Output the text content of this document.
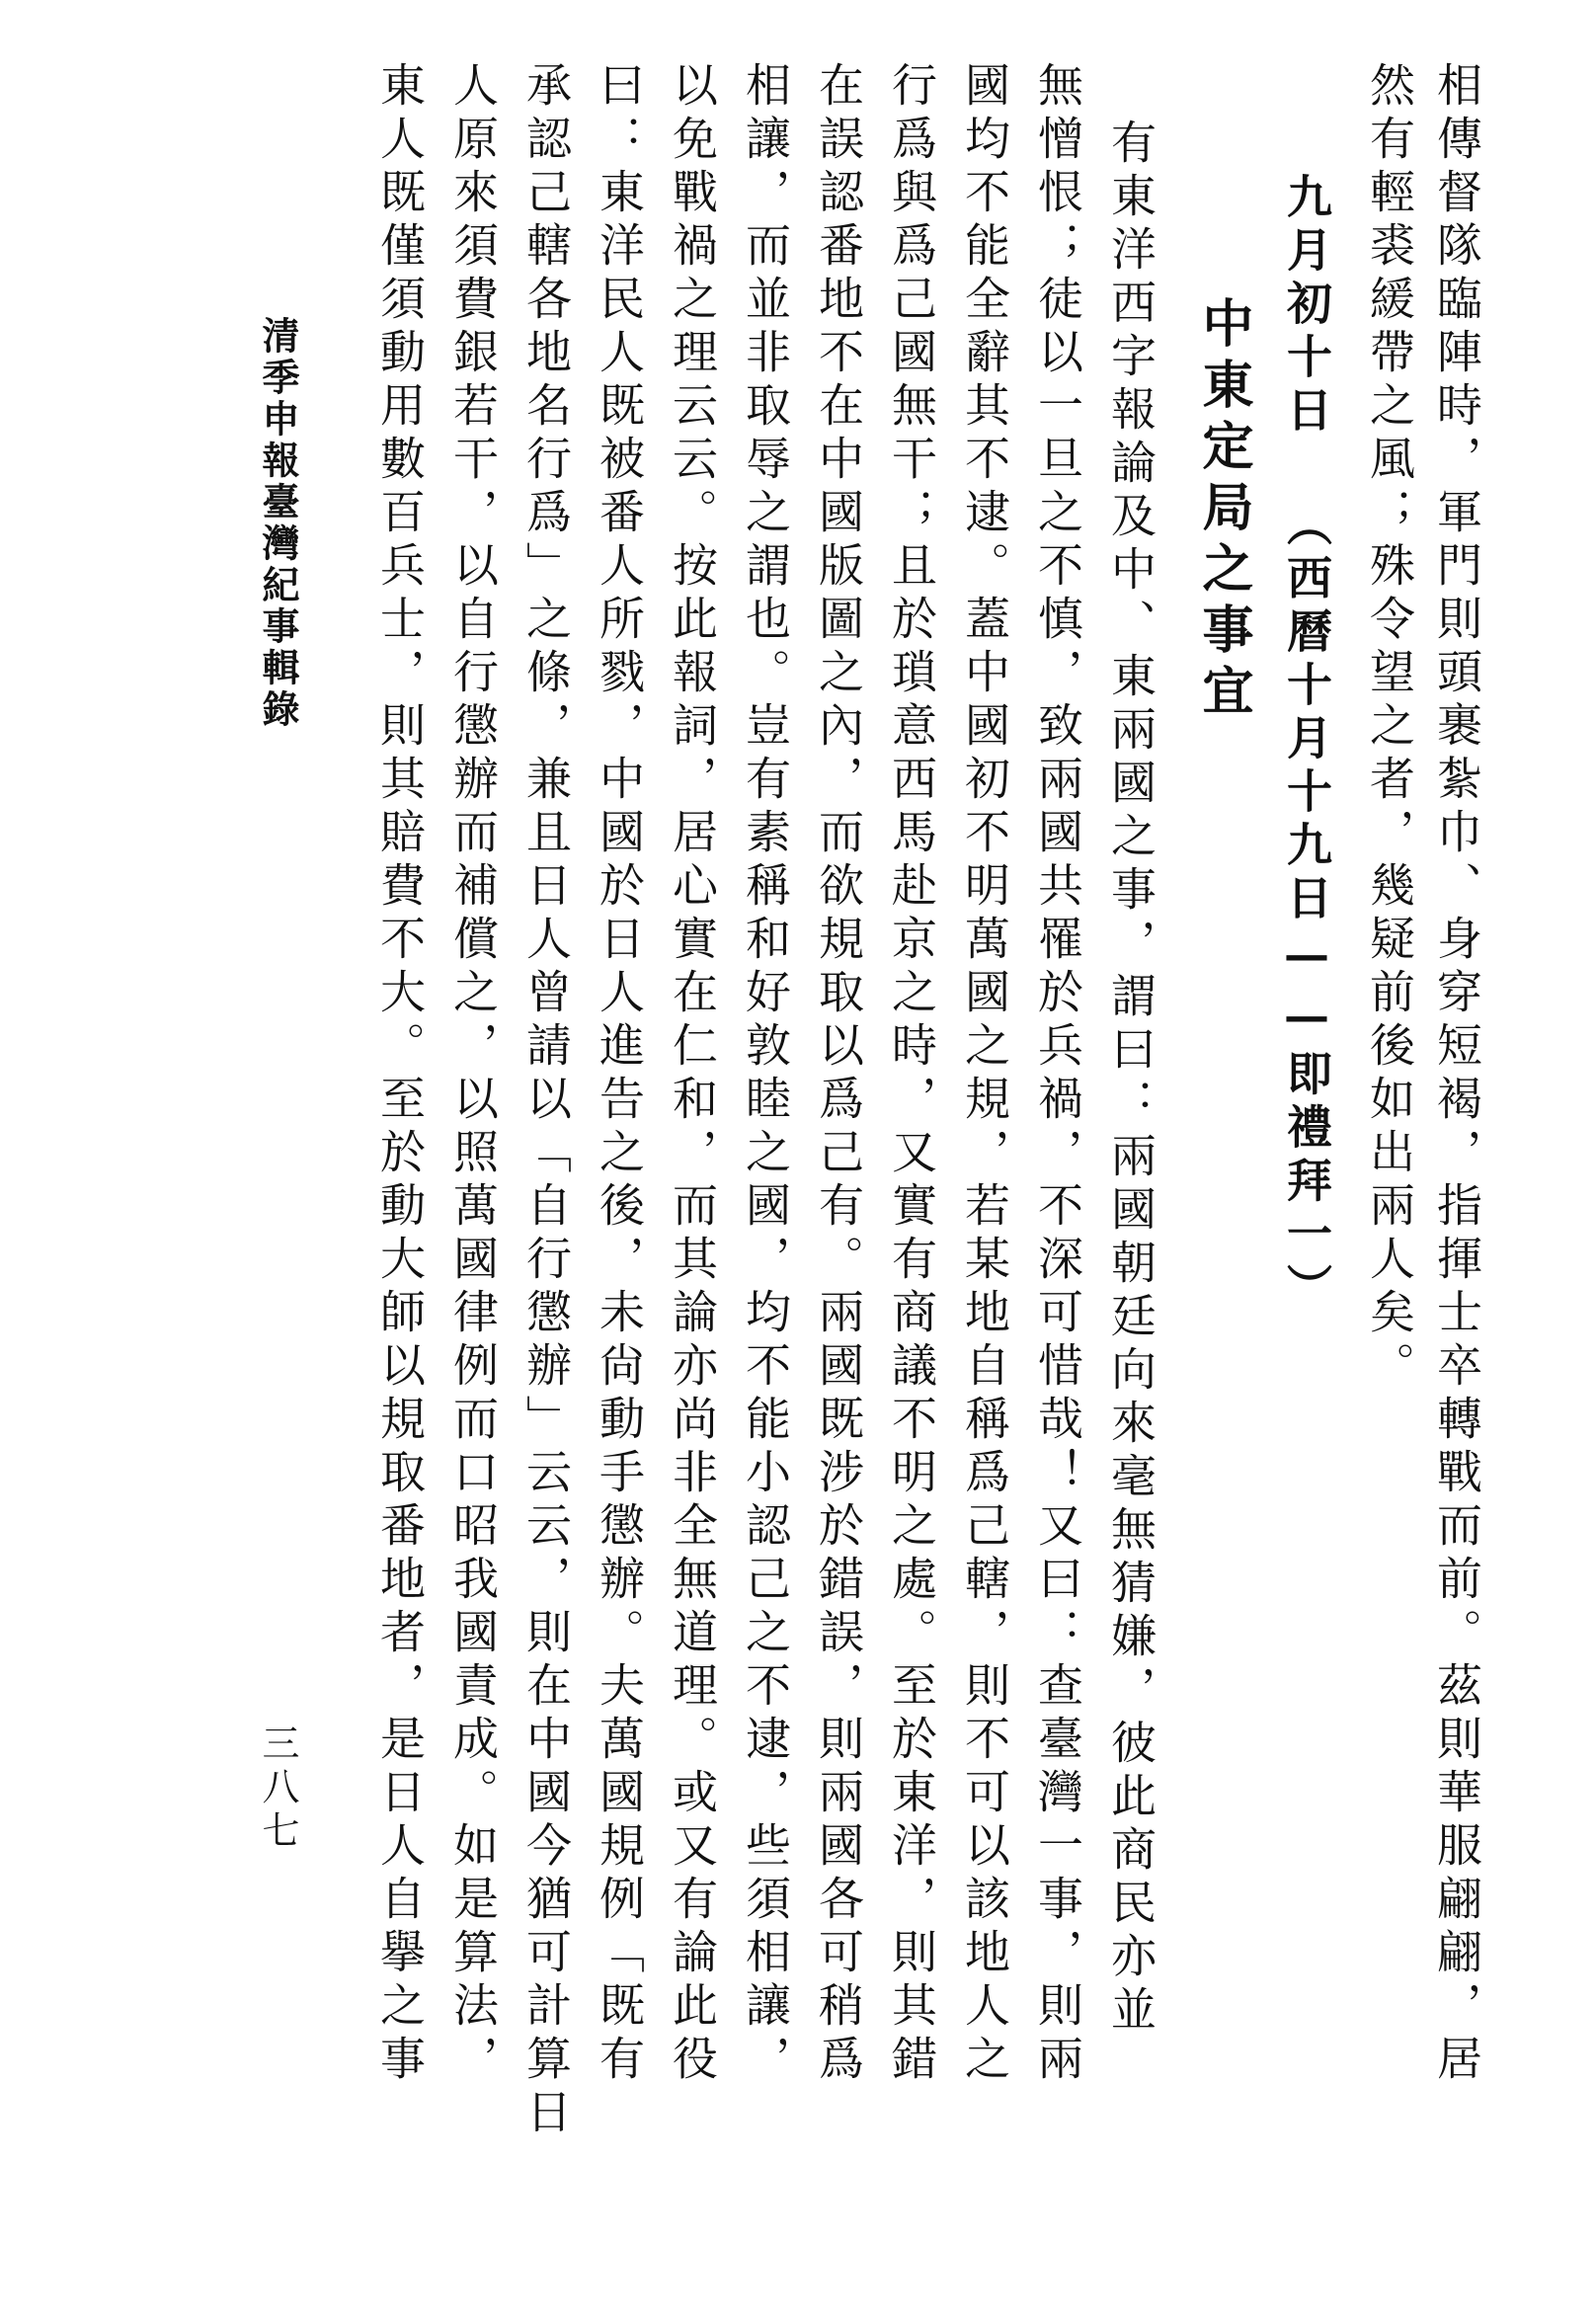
相傳督隊臨陣時，軍門則頭裹紮巾、身穿短褐，指揮士卒轉戰而前。茲則華服翩翩，居
然有輕裘緩帶之風；殊令望之者，幾疑前後如出兩人矣。
九月初十日 （西曆十月十九日——即禮拜一）
中東定局之事宜
有東洋西字報論及中、東兩國之事，謂曰：兩國朝廷向來毫無猜嫌，彼此商民亦並
無憎恨；徒以一旦之不慎，致兩國共罹於兵禍，不深可惜哉！又曰：查臺灣一事，則兩
國均不能全辭其不逮。蓋中國初不明萬國之規，若某地自稱爲己轄，則不可以該地人之
行爲與爲己國無干；且於瑣意西馬赴京之時，又實有商議不明之處。至於東洋，則其錯
在誤認番地不在中國版圖之內，而欲規取以爲己有。兩國既涉於錯誤，則兩國各可稍爲
相讓，而並非取辱之謂也。豈有素稱和好敦睦之國，均不能小認己之不逮，些須相讓，
以免戰禍之理云云。按此報詞，居心實在仁和，而其論亦尚非全無道理。或又有論此役
曰：東洋民人既被番人所戮，中國於日人進告之後，未尙動手懲辦。夫萬國規例「既有
承認己轄各地名行爲」之條，兼且日人曾請以「自行懲辦」云云，則在中國今猶可計算日
人原來須費銀若干，以自行懲辦而補償之，以照萬國律例而口昭我國責成。如是算法，
東人既僅須動用數百兵士，則其賠費不大。至於動大師以規取番地者，是日人自擧之事
清季申報臺灣紀事輯錄
三八七
